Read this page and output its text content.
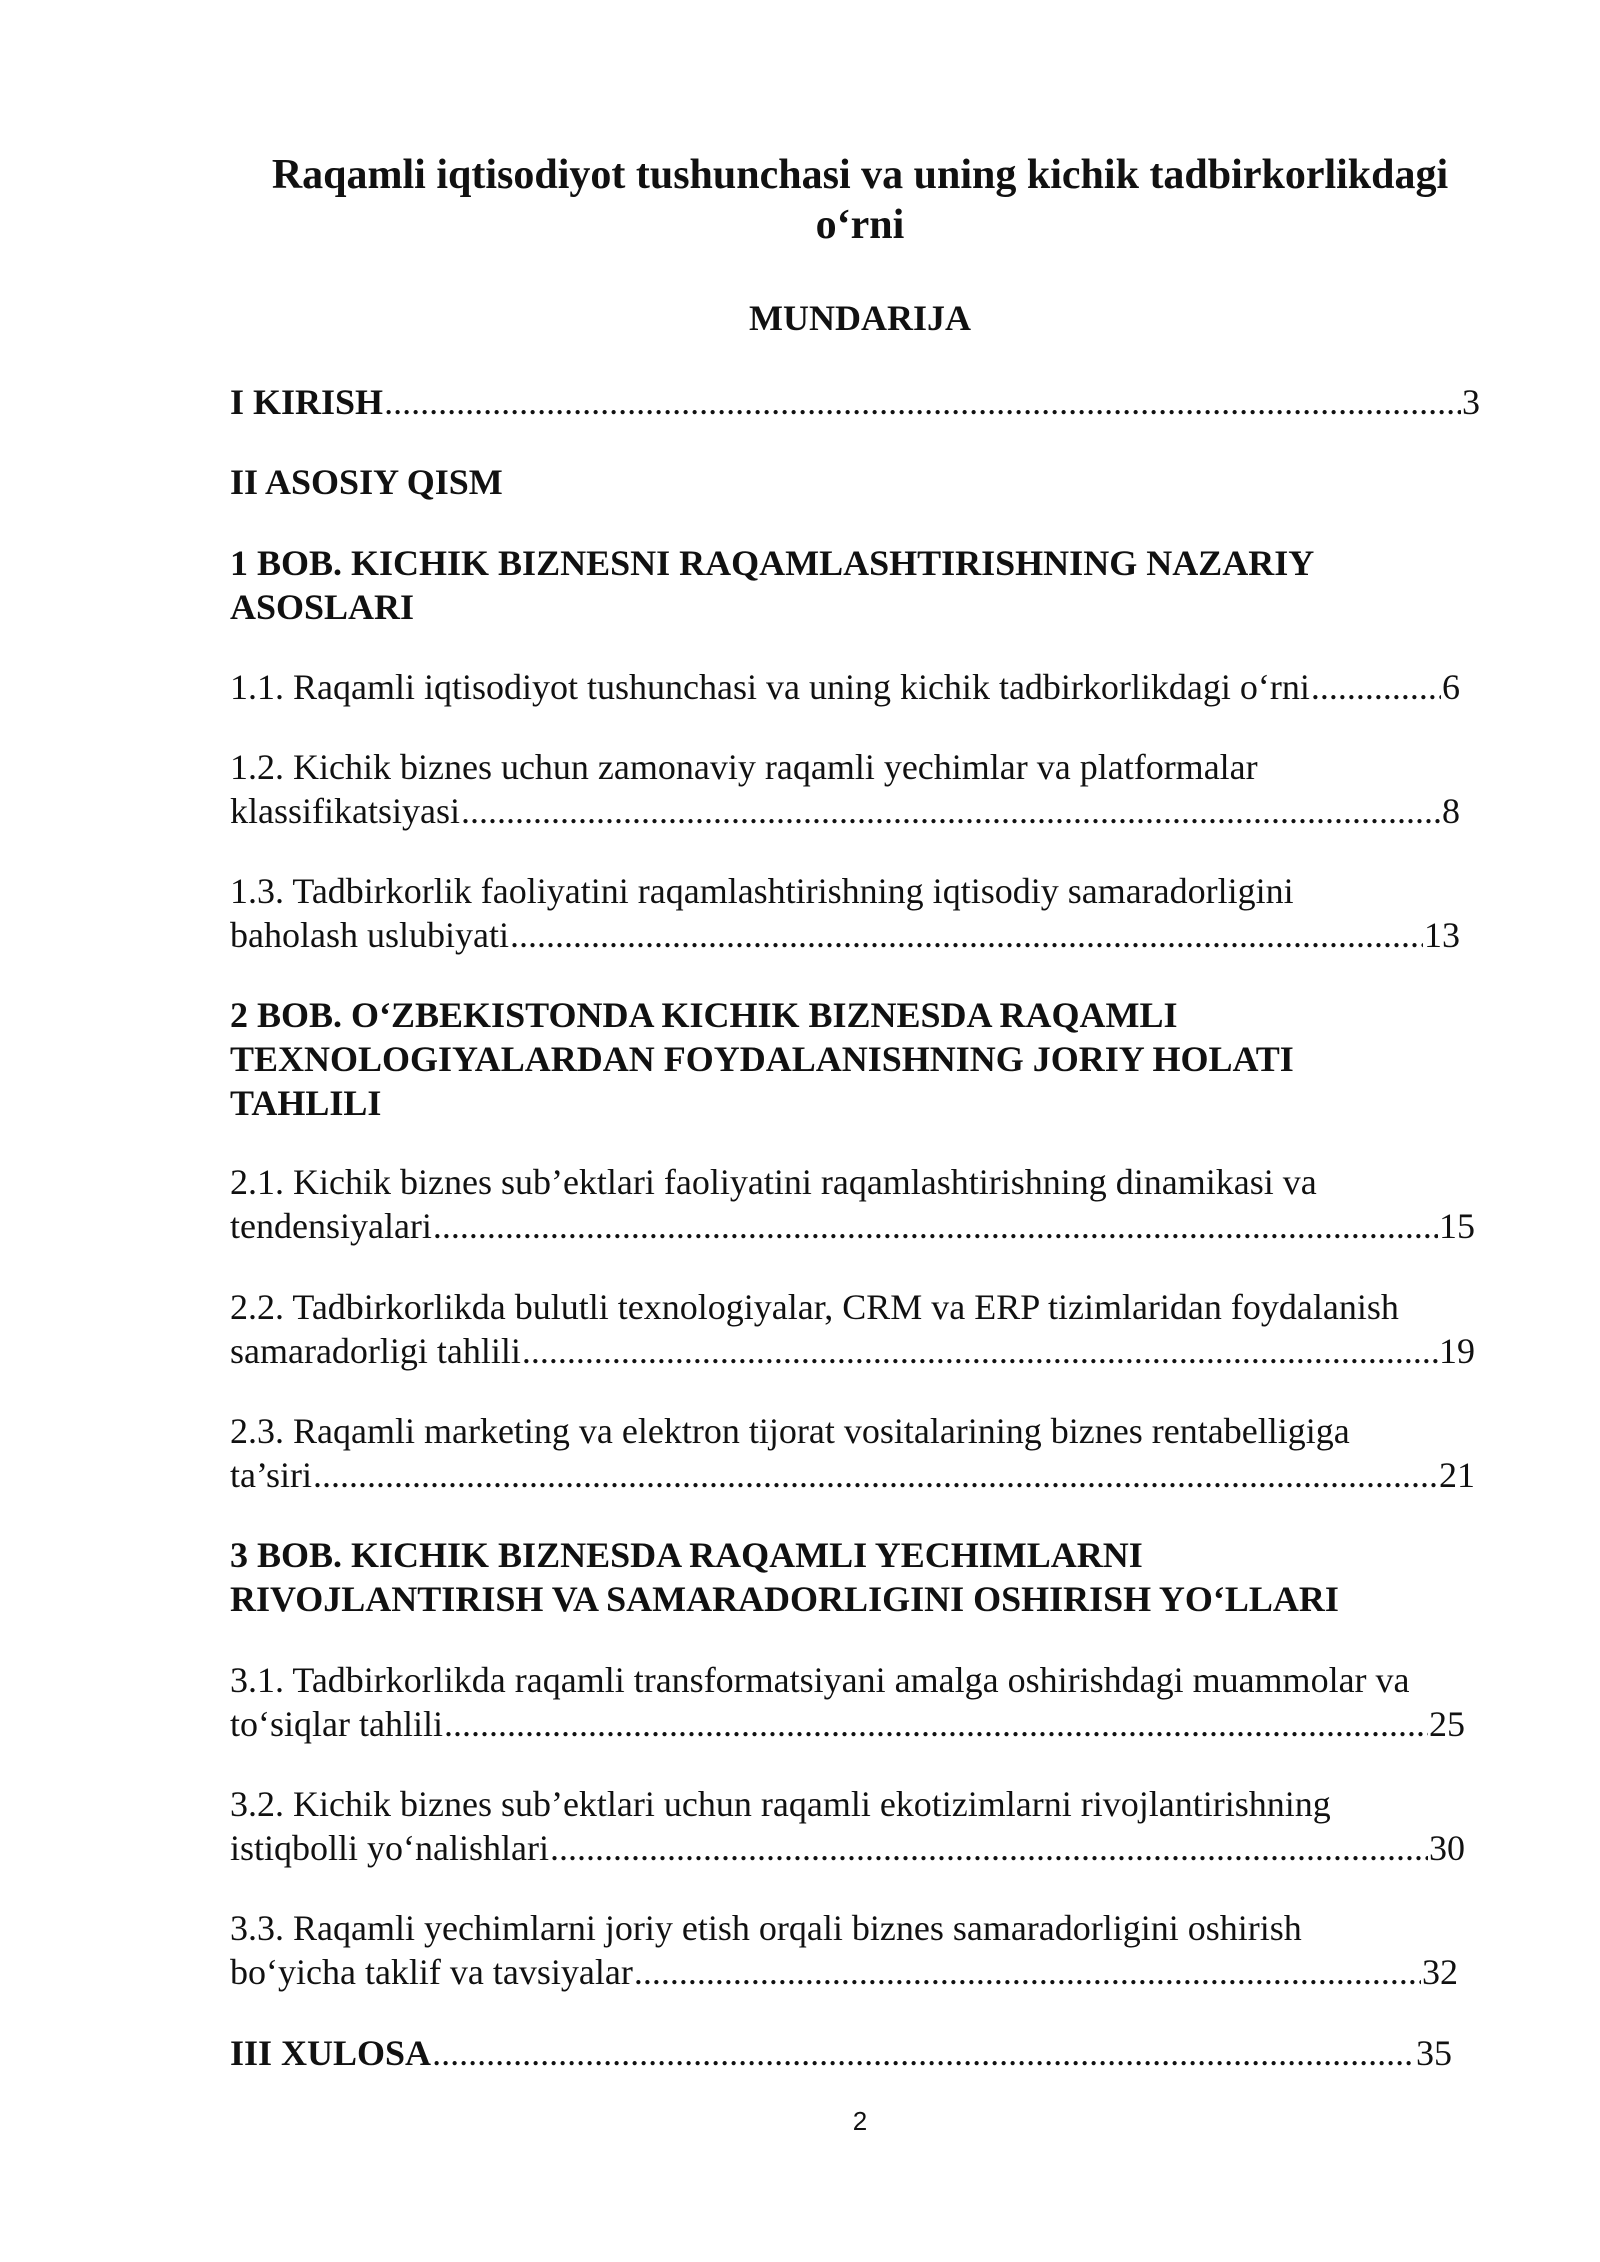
Raqamli iqtisodiyot tushunchasi va uning kichik tadbirkorlikdagi
o‘rni
MUNDARIJA
I KIRISH .....	3
II ASOSIY QISM
1 BOB. KICHIK BIZNESNI RAQAMLASHTIRISHNING NAZARIY
ASOSLARI
1.1. Raqamli iqtisodiyot tushunchasi va uning kichik tadbirkorlikdagi o‘rni .....	6
1.2. Kichik biznes uchun zamonaviy raqamli yechimlar va platformalar
klassifikatsiyasi .....	8
1.3. Tadbirkorlik faoliyatini raqamlashtirishning iqtisodiy samaradorligini
baholash uslubiyati .....	13
2 BOB. O‘ZBEKISTONDA KICHIK BIZNESDA RAQAMLI
TEXNOLOGIYALARDAN FOYDALANISHNING JORIY HOLATI
TAHLILI
2.1. Kichik biznes sub’ektlari faoliyatini raqamlashtirishning dinamikasi va
tendensiyalari .....	15
2.2. Tadbirkorlikda bulutli texnologiyalar, CRM va ERP tizimlaridan foydalanish
samaradorligi tahlili .....	19
2.3. Raqamli marketing va elektron tijorat vositalarining biznes rentabelligiga
ta’siri .....	21
3 BOB. KICHIK BIZNESDA RAQAMLI YECHIMLARNI
RIVOJLANTIRISH VA SAMARADORLIGINI OSHIRISH YO‘LLARI
3.1. Tadbirkorlikda raqamli transformatsiyani amalga oshirishdagi muammolar va
to‘siqlar tahlili .....	25
3.2. Kichik biznes sub’ektlari uchun raqamli ekotizimlarni rivojlantirishning
istiqbolli yo‘nalishlari .....	30
3.3. Raqamli yechimlarni joriy etish orqali biznes samaradorligini oshirish
bo‘yicha taklif va tavsiyalar .....	32
III XULOSA .....	35
2
